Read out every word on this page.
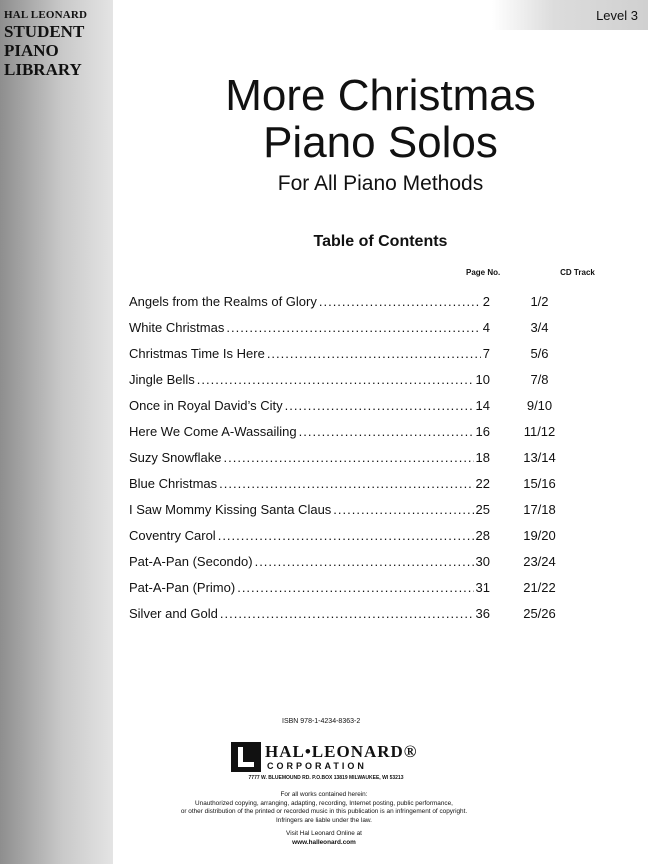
HAL LEONARD
STUDENT
PIANO
LIBRARY
Level 3
More Christmas
Piano Solos
For All Piano Methods
Table of Contents
Page No.	CD Track
Angels from the Realms of Glory .....	2	1/2
White Christmas .....	4	3/4
Christmas Time Is Here .....	7	5/6
Jingle Bells .....	10	7/8
Once in Royal David’s City .....	14	9/10
Here We Come A-Wassailing .....	16	11/12
Suzy Snowflake .....	18	13/14
Blue Christmas .....	22	15/16
I Saw Mommy Kissing Santa Claus .....	25	17/18
Coventry Carol .....	28	19/20
Pat-A-Pan (Secondo) .....	30	23/24
Pat-A-Pan (Primo) .....	31	21/22
Silver and Gold .....	36	25/26
ISBN 978-1-4234-8363-2
HAL•LEONARD®
CORPORATION
7777 W. BLUEMOUND RD. P.O.BOX 13819 MILWAUKEE, WI 53213
For all works contained herein:
Unauthorized copying, arranging, adapting, recording, Internet posting, public performance,
or other distribution of the printed or recorded music in this publication is an infringement of copyright.
Infringers are liable under the law.
Visit Hal Leonard Online at
www.halleonard.com
